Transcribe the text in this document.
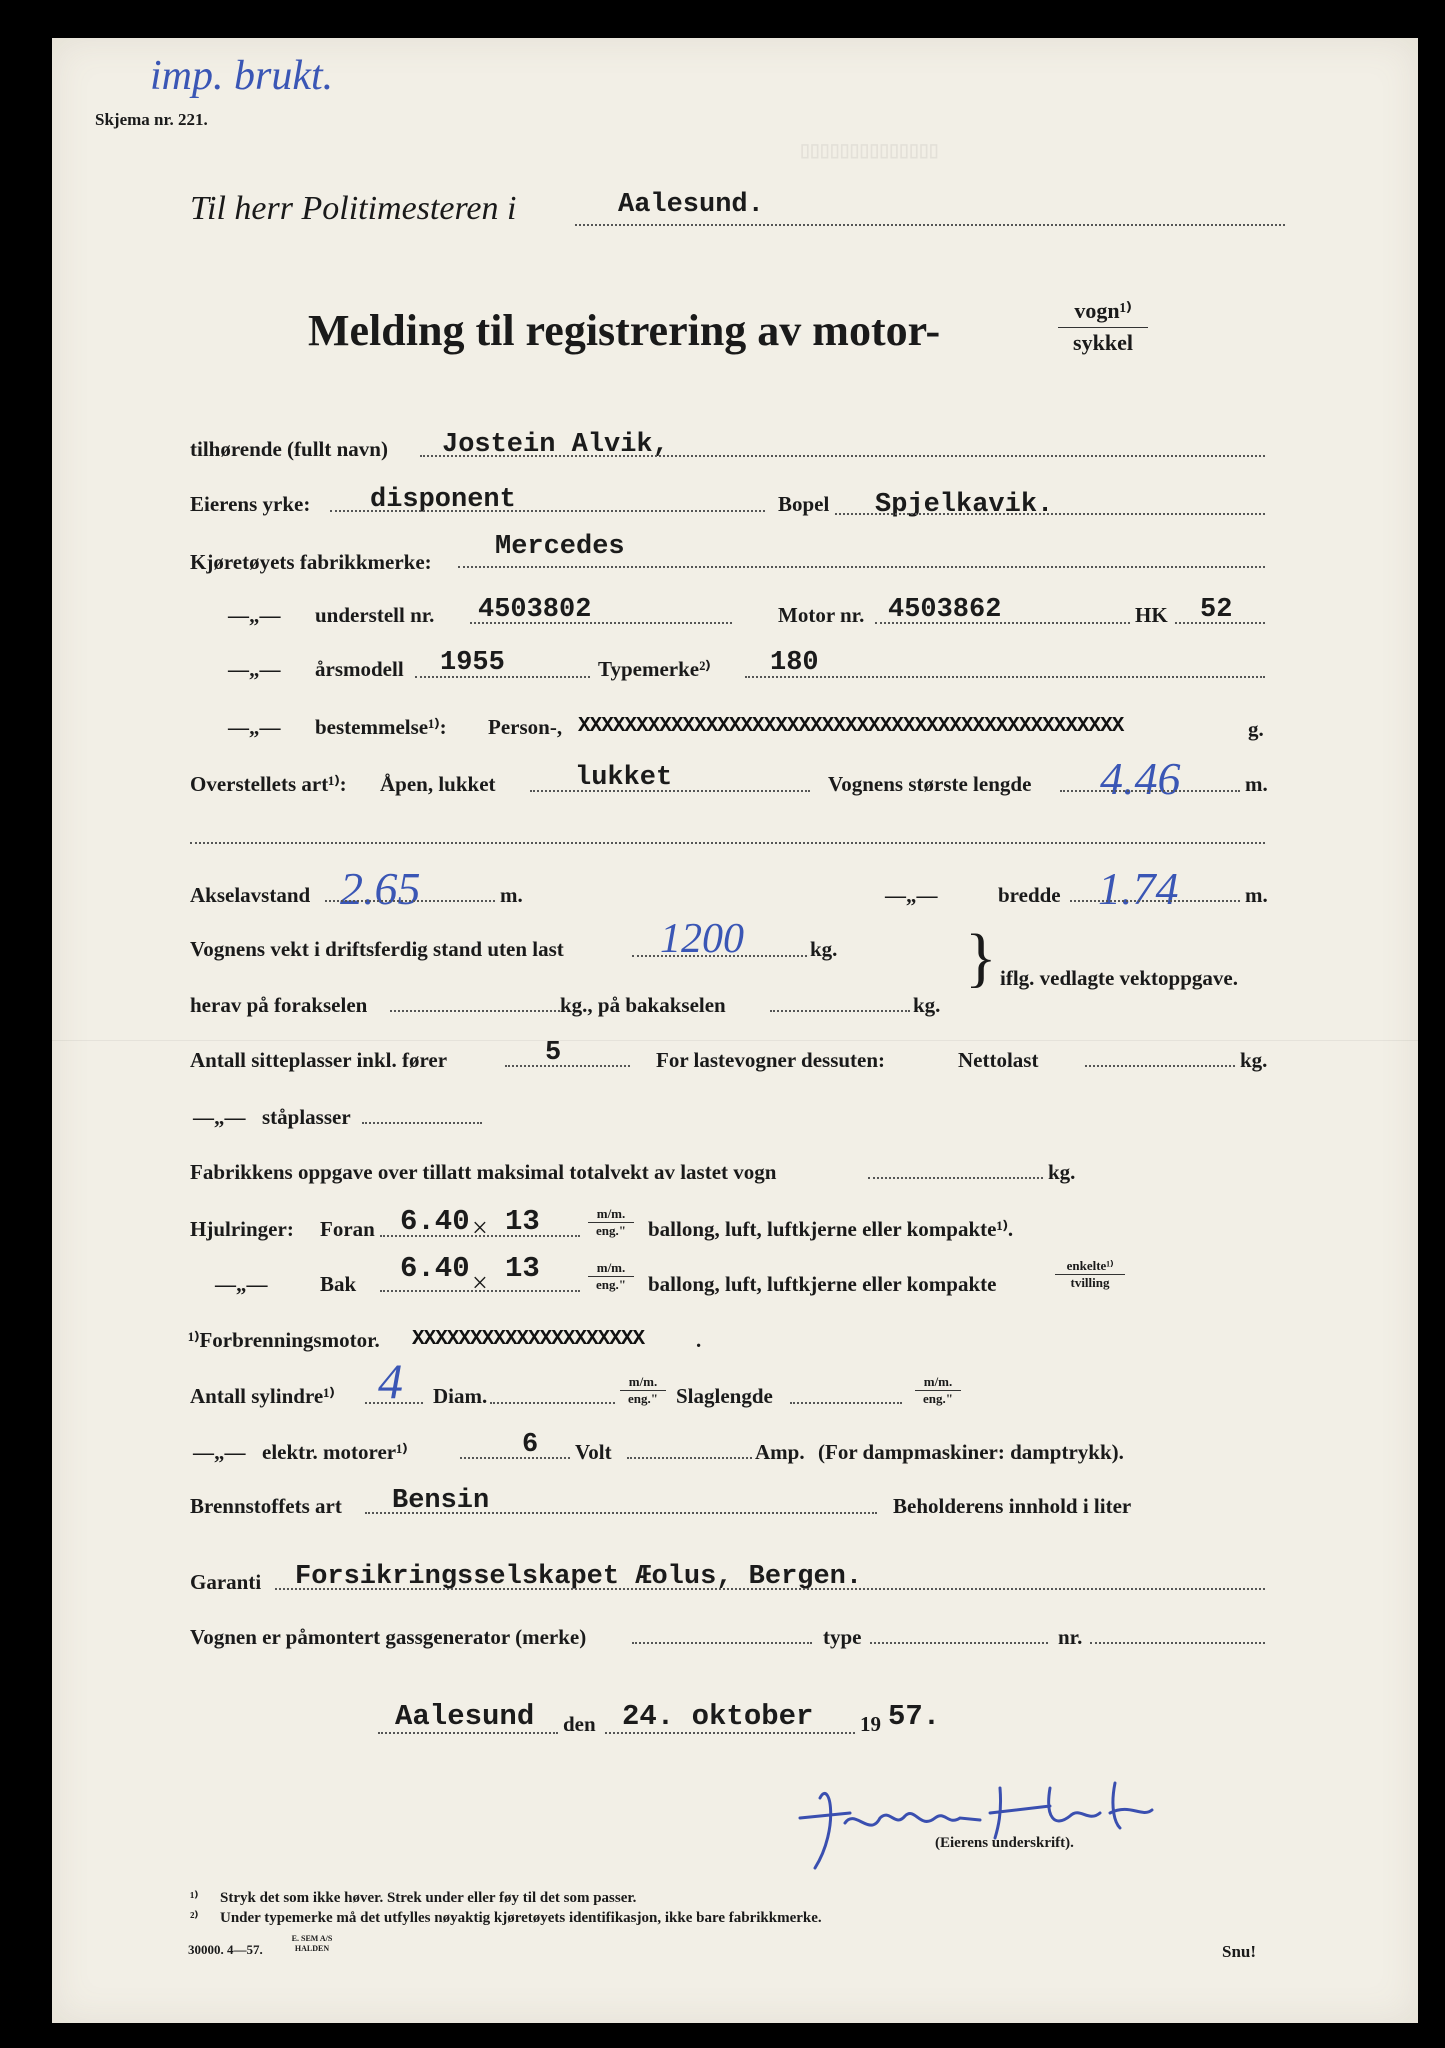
▯▯▯▯▯▯▯▯▯▯▯▯▯▯
imp. brukt.
Skjema nr. 221.
Til herr Politimesteren i	Aalesund.
Melding til registrering av motor-	vogn¹⁾
sykkel
tilhørende (fullt navn) Jostein Alvik,
Eierens yrke: disponent	Bopel Spjelkavik.
Kjøretøyets fabrikkmerke: Mercedes
—„— understell nr. 4503802	Motor nr. 4503862	HK 52
—„— årsmodell 1955	Typemerke²⁾ 180
—„— bestemmelse¹⁾: Person-, XXXXXXXXXXXXXXXXXXXXXXXXXXXXXXXXXXXXXXXXXXXXXXX	g.
Overstellets art¹⁾: Åpen, lukket	lukket	Vognens største lengde 4.46	m.
Akselavstand 2.65	m.	—„—	bredde 1.74	m.
Vognens vekt i driftsferdig stand uten last 1200	kg. } iflg. vedlagte vektoppgave.
herav på forakselen	kg., på bakakselen	kg.
Antall sitteplasser inkl. fører	5	For lastevogner dessuten:	Nettolast	kg.
—„— ståplasser
Fabrikkens oppgave over tillatt maksimal totalvekt av lastet vogn	kg.
Hjulringer: Foran 6.40 × 13	m/m.
eng."	ballong, luft, luftkjerne eller kompakte¹⁾.
—„—	Bak 6.40 × 13	m/m.
eng."	ballong, luft, luftkjerne eller kompakte
enkelte¹⁾
tvilling
¹⁾Forbrenningsmotor. XXXXXXXXXXXXXXXXXXXX .
Antall sylindre¹⁾ 4 Diam.
m/m.
eng." Slaglengde
m/m.
eng."
—„— elektr. motorer¹⁾	6 Volt	Amp. (For dampmaskiner: damptrykk).
Brennstoffets art Bensin	Beholderens innhold i liter
Garanti Forsikringsselskapet Æolus, Bergen.
Vognen er påmontert gassgenerator (merke)	type	nr.
Aalesund den 24. oktober 19 57.
(Eierens underskrift).
¹⁾ Stryk det som ikke høver. Strek under eller føy til det som passer.
²⁾ Under typemerke må det utfylles nøyaktig kjøretøyets identifikasjon, ikke bare fabrikkmerke.
30000. 4—57.
E. SEM A/S
HALDEN	Snu!
